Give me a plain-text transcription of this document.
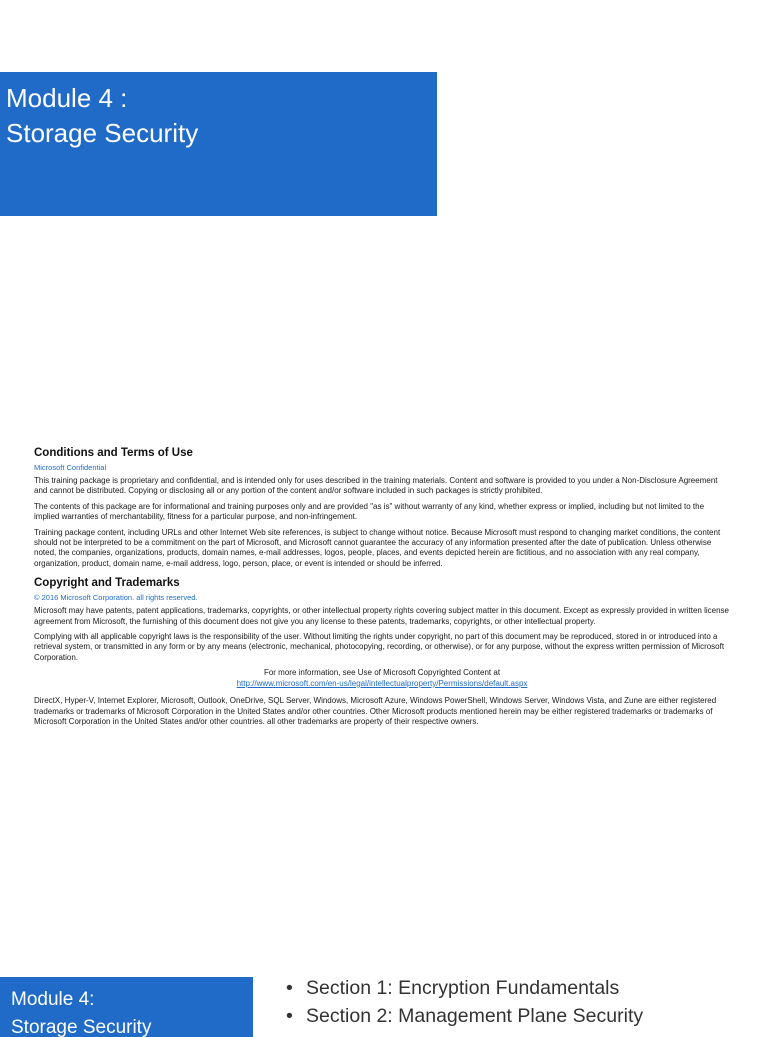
Module 4 :
Storage Security
Conditions and Terms of Use
Microsoft Confidential

This training package is proprietary and confidential, and is intended only for uses described in the training materials. Content and software is provided to you under a Non-Disclosure Agreement and cannot be distributed. Copying or disclosing all or any portion of the content and/or software included in such packages is strictly prohibited.

The contents of this package are for informational and training purposes only and are provided "as is" without warranty of any kind, whether express or implied, including but not limited to the implied warranties of merchantability, fitness for a particular purpose, and non-infringement.

Training package content, including URLs and other Internet Web site references, is subject to change without notice. Because Microsoft must respond to changing market conditions, the content should not be interpreted to be a commitment on the part of Microsoft, and Microsoft cannot guarantee the accuracy of any information presented after the date of publication. Unless otherwise noted, the companies, organizations, products, domain names, e-mail addresses, logos, people, places, and events depicted herein are fictitious, and no association with any real company, organization, product, domain name, e-mail address, logo, person, place, or event is intended or should be inferred.

Copyright and Trademarks
© 2016 Microsoft Corporation. all rights reserved.

Microsoft may have patents, patent applications, trademarks, copyrights, or other intellectual property rights covering subject matter in this document. Except as expressly provided in written license agreement from Microsoft, the furnishing of this document does not give you any license to these patents, trademarks, copyrights, or other intellectual property.

Complying with all applicable copyright laws is the responsibility of the user. Without limiting the rights under copyright, no part of this document may be reproduced, stored in or introduced into a retrieval system, or transmitted in any form or by any means (electronic, mechanical, photocopying, recording, or otherwise), or for any purpose, without the express written permission of Microsoft Corporation.

For more information, see Use of Microsoft Copyrighted Content at

http://www.microsoft.com/en-us/legal/intellectualproperty/Permissions/default.aspx

DirectX, Hyper-V, Internet Explorer, Microsoft, Outlook, OneDrive, SQL Server, Windows, Microsoft Azure, Windows PowerShell, Windows Server, Windows Vista, and Zune are either registered trademarks or trademarks of Microsoft Corporation in the United States and/or other countries. Other Microsoft products mentioned herein may be either registered trademarks or trademarks of Microsoft Corporation in the United States and/or other countries. all other trademarks are property of their respective owners.

Module 4:
Storage Security
• Section 1: Encryption Fundamentals
• Section 2: Management Plane Security
